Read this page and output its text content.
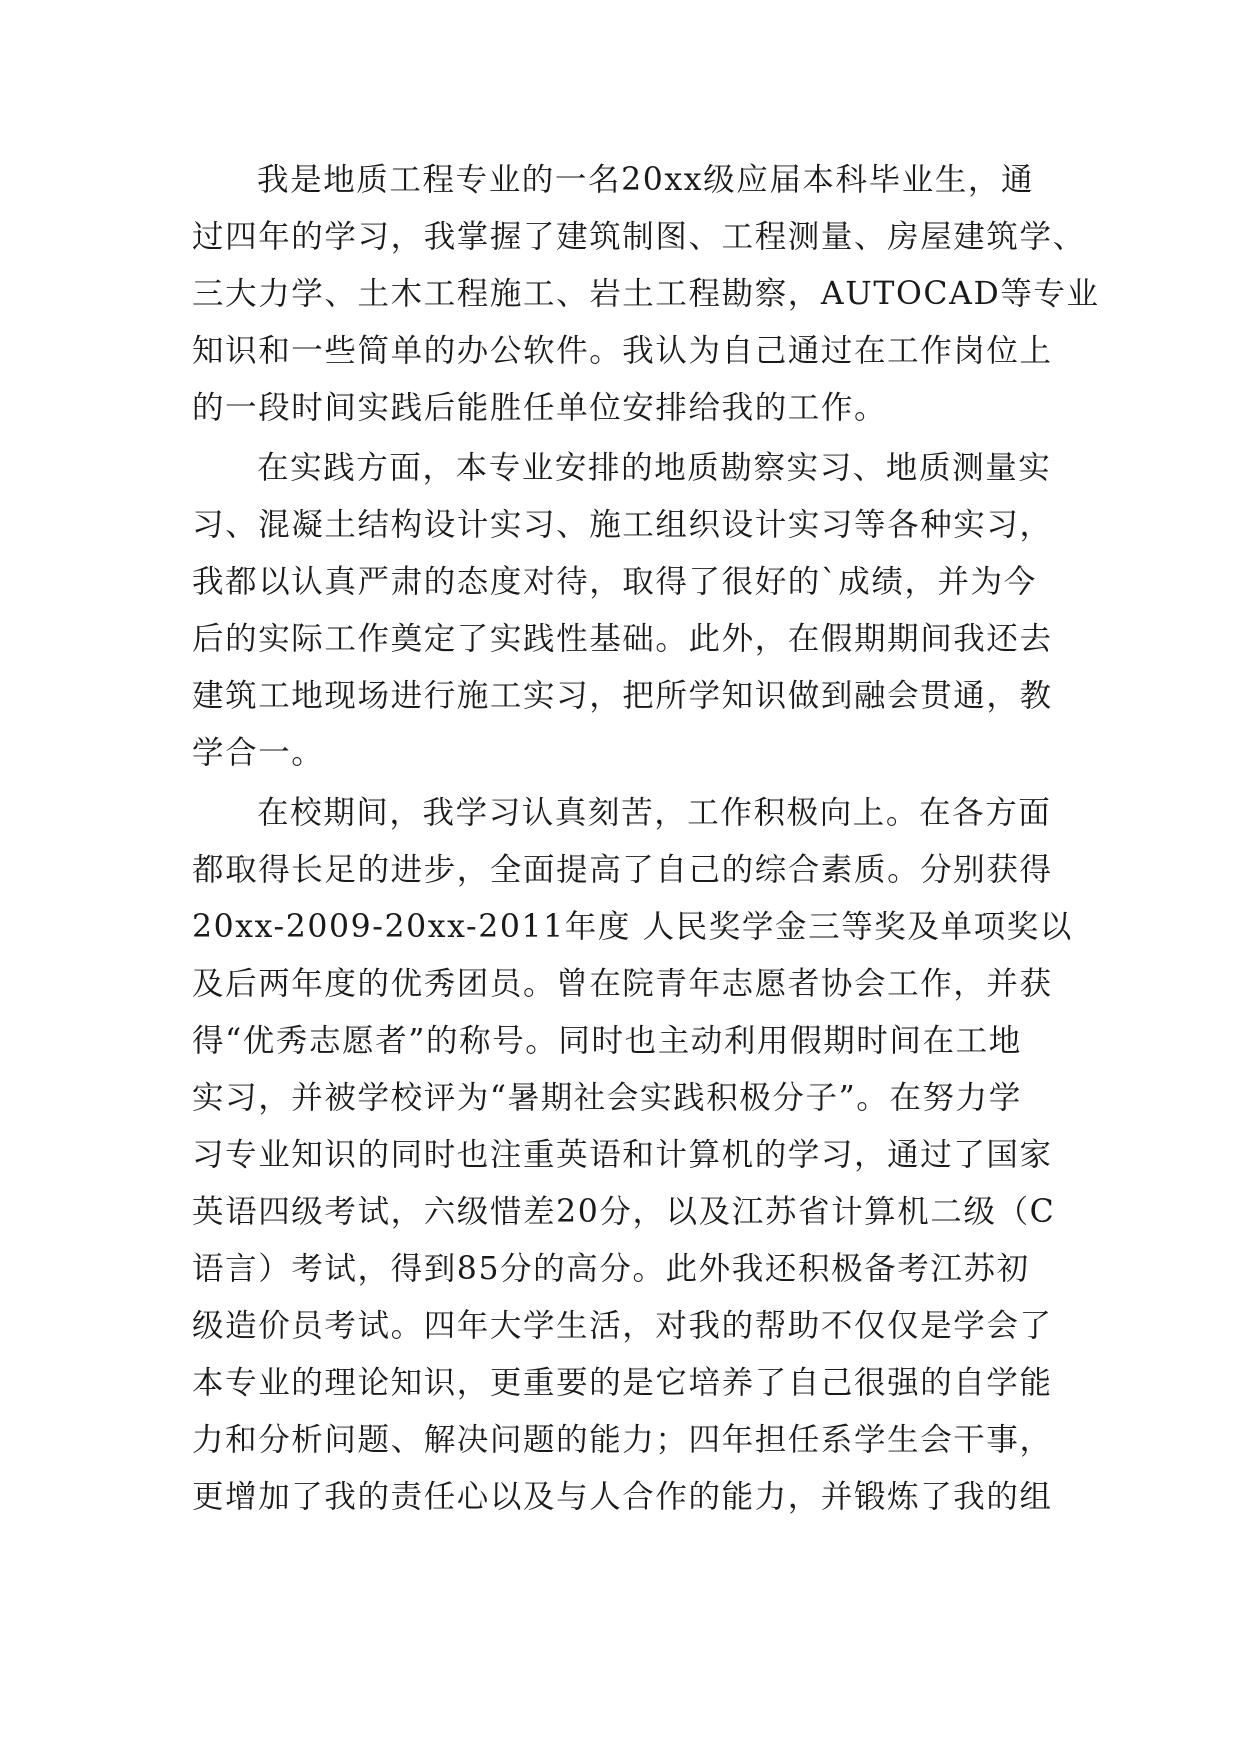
我是地质工程专业的一名20xx级应届本科毕业生，通
过四年的学习，我掌握了建筑制图、工程测量、房屋建筑学、
三大力学、土木工程施工、岩土工程勘察，AUTOCAD等专业
知识和一些简单的办公软件。我认为自己通过在工作岗位上
的一段时间实践后能胜任单位安排给我的工作。
在实践方面，本专业安排的地质勘察实习、地质测量实
习、混凝土结构设计实习、施工组织设计实习等各种实习，
我都以认真严肃的态度对待，取得了很好的`成绩，并为今
后的实际工作奠定了实践性基础。此外，在假期期间我还去
建筑工地现场进行施工实习，把所学知识做到融会贯通，教
学合一。
在校期间，我学习认真刻苦，工作积极向上。在各方面
都取得长足的进步，全面提高了自己的综合素质。分别获得
20xx-2009-20xx-2011年度 人民奖学金三等奖及单项奖以
及后两年度的优秀团员。曾在院青年志愿者协会工作，并获
得“优秀志愿者”的称号。同时也主动利用假期时间在工地
实习，并被学校评为“暑期社会实践积极分子”。在努力学
习专业知识的同时也注重英语和计算机的学习，通过了国家
英语四级考试，六级惜差20分，以及江苏省计算机二级（C
语言）考试，得到85分的高分。此外我还积极备考江苏初
级造价员考试。四年大学生活，对我的帮助不仅仅是学会了
本专业的理论知识，更重要的是它培养了自己很强的自学能
力和分析问题、解决问题的能力；四年担任系学生会干事，
更增加了我的责任心以及与人合作的能力，并锻炼了我的组
